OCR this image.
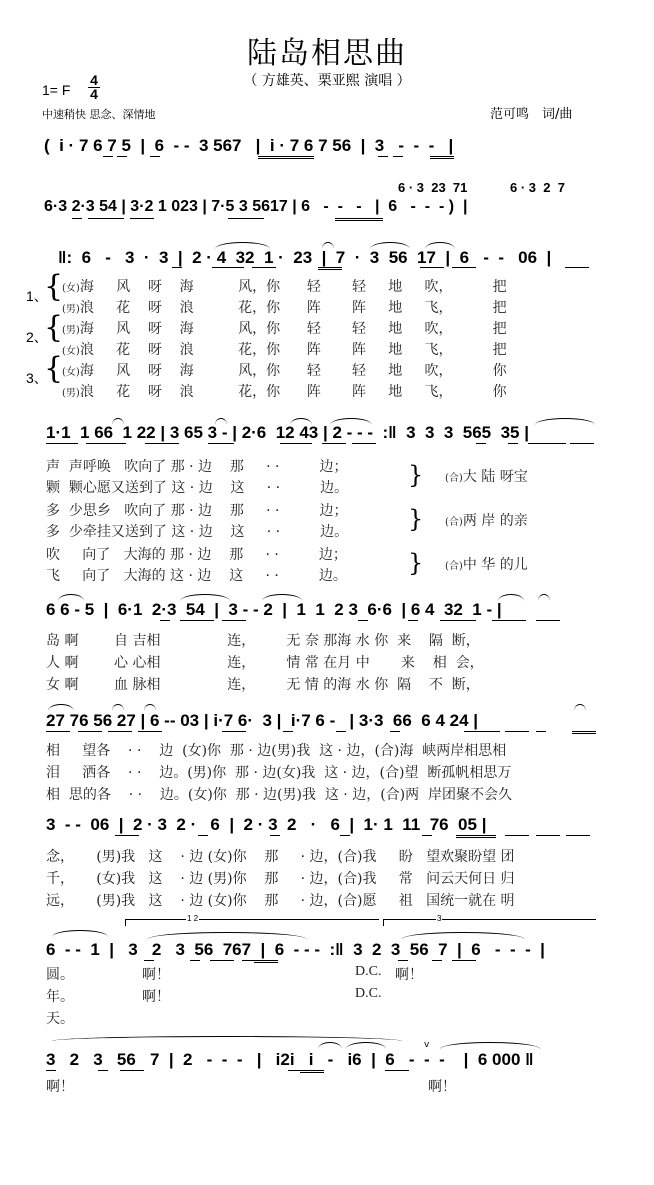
陆岛相思曲
（ 方雄英、栗亚熙 演唱 ）
1= F $\frac{4}{4}$
中速稍快 思念、深情地	范可鸣　词/曲
(  i · 7 6 7 5  |  6  - -  3 567   |  i · 7 6 7 56  |  3   -  -  -   |
6 · 3  23  71	6 · 3  2  7
6·3 2·3 54 | 3·2 1 023 | 7·5 3 5617 | 6   -  -   -   |  6   -  -  - )  |
‖:  6   -   3  ·  3  |  2 · 4  32  1 ·  23  |  7  ·  3  56  17  |  6   -  -   06  |
1、
{
(女)海     风    呀    海          风，你      轻       轻     地     吹，         把
(男)浪     花    呀    浪          花，你      阵       阵     地     飞，         把
2、
{
(男)海     风    呀    海          风，你      轻       轻     地     吹，         把
(女)浪     花    呀    浪          花，你      阵       阵     地     飞，         把
3、
{
(女)海     风    呀    海          风，你      轻       轻     地     吹，         你
(男)浪     花    呀    浪          花，你      阵       阵     地     飞，         你
1·1  1 66  1 22 | 3 65 3 - | 2·6  12 43 | 2 - - -  :‖  3  3  3  565  35 |
声  声呼唤   吹向了 那 · 边    那     · ·         边；
颗  颗心愿又送到了 这 · 边    这     · ·         边。
多  少思乡   吹向了 那 · 边    那     · ·         边；
多  少牵挂又送到了 这 · 边    这     · ·         边。
吹     向了   大海的 那 · 边    那     · ·         边；
飞     向了   大海的 这 · 边    这     · ·         边。
}
}
}
(合)大 陆 呀宝
(合)两 岸 的亲
(合)中 华 的儿
6 6 - 5  |  6·1  2·3  54  |  3 - - 2  |  1  1  2 3  6·6  | 6 4  32  1 - |
岛 啊        自 吉相               连，       无 奈 那海 水 你  来    隔  断，
人 啊        心 心相               连，       情 常 在月 中       来    相  会，
女 啊        血 脉相               连，       无 情 的海 水 你  隔    不  断，
27 76 56 27 | 6 -- 03 | i·7 6·  3 |  i·7 6 -   | 3·3  66  6 4 24 |
相     望各    · ·    边  (女)你  那 · 边(男)我  这 · 边，(合)海  峡两岸相思相
泪     洒各    · ·    边。(男)你  那 · 边(女)我  这 · 边，(合)望  断孤帆相思万
相  思的各    · ·    边。(女)你  那 · 边(男)我  这 · 边，(合)两  岸团聚不会久
3  - -  06  |  2 · 3  2 ·   6  |  2 · 3  2   ·   6  |  1· 1  11  76  05 |
念，     (男)我   这    · 边 (女)你    那     · 边，(合)我     盼   望欢聚盼望 团
千，     (女)我   这    · 边 (男)你    那     · 边，(合)我     常   问云天何日 归
远，     (男)我   这    · 边 (女)你    那     · 边，(合)愿     祖   国统一就在 明
1 2	3
6  - -  1  |   3   2   3  56  767  |  6  - - -  :‖  3  2  3  56  7  |  6   -  -  -  |
圆。	啊！	D.C. 啊！
年。	啊！	D.C.
天。
v
3   2   3   56   7  |  2   -  -  -   |   i2i   i   -   i6  |  6   -  -  -    |  6 000 ‖
啊！	啊！
